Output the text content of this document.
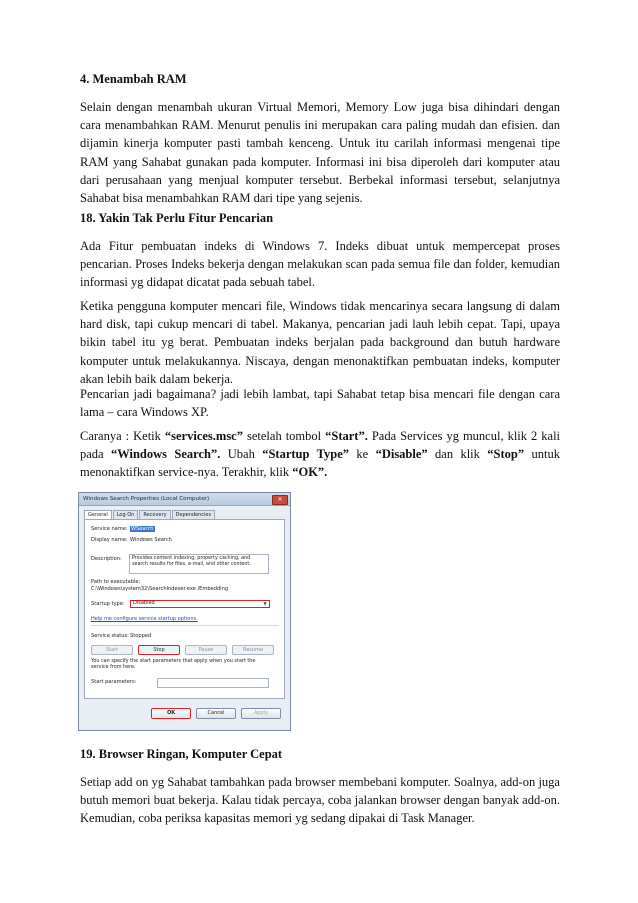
4. Menambah RAM

Selain dengan menambah ukuran Virtual Memori, Memory Low juga bisa dihindari dengan cara menambahkan RAM. Menurut penulis ini merupakan cara paling mudah dan efisien. dan dijamin kinerja komputer pasti tambah kenceng. Untuk itu carilah informasi mengenai tipe RAM yang Sahabat gunakan pada komputer. Informasi ini bisa diperoleh dari komputer atau dari perusahaan yang menjual komputer tersebut. Berbekal informasi tersebut, selanjutnya Sahabat bisa menambahkan RAM dari tipe yang sejenis.

18. Yakin Tak Perlu Fitur Pencarian

Ada Fitur pembuatan indeks di Windows 7. Indeks dibuat untuk mempercepat proses pencarian. Proses Indeks bekerja dengan melakukan scan pada semua file dan folder, kemudian informasi yg didapat dicatat pada sebuah tabel.

Ketika pengguna komputer mencari file, Windows tidak mencarinya secara langsung di dalam hard disk, tapi cukup mencari di tabel. Makanya, pencarian jadi lauh lebih cepat. Tapi, upaya bikin tabel itu yg berat. Pembuatan indeks berjalan pada background dan butuh hardware komputer untuk melakukannya. Niscaya, dengan menonaktifkan pembuatan indeks, komputer akan lebih baik dalam bekerja.

Pencarian jadi bagaimana? jadi lebih lambat, tapi Sahabat tetap bisa mencari file dengan cara lama – cara Windows XP.

Caranya : Ketik “services.msc” setelah tombol “Start”. Pada Services yg muncul, klik 2 kali pada “Windows Search”. Ubah “Startup Type” ke “Disable” dan klik “Stop” untuk menonaktifkan service-nya. Terakhir, klik “OK”.

19. Browser Ringan, Komputer Cepat

Setiap add on yg Sahabat tambahkan pada browser membebani komputer. Soalnya, add-on juga butuh memori buat bekerja. Kalau tidak percaya, coba jalankan browser dengan banyak add-on. Kemudian, coba periksa kapasitas memori yg sedang dipakai di Task Manager.

Windows Search Properties (Local Computer)	✕
General	Log On	Recovery	Dependencies
Service name: WSearch
Display name: Windows Search
Description:	Provides content indexing, property caching, and search results for files, e-mail, and other content.
Path to executable:
C:\Windows\system32\SearchIndexer.exe /Embedding
Startup type:	Disabled	▼
Help me configure service startup options.
Service status: Stopped
Start	Stop	Pause	Resume
You can specify the start parameters that apply when you start the service from here.
Start parameters:
OK	Cancel	Apply
